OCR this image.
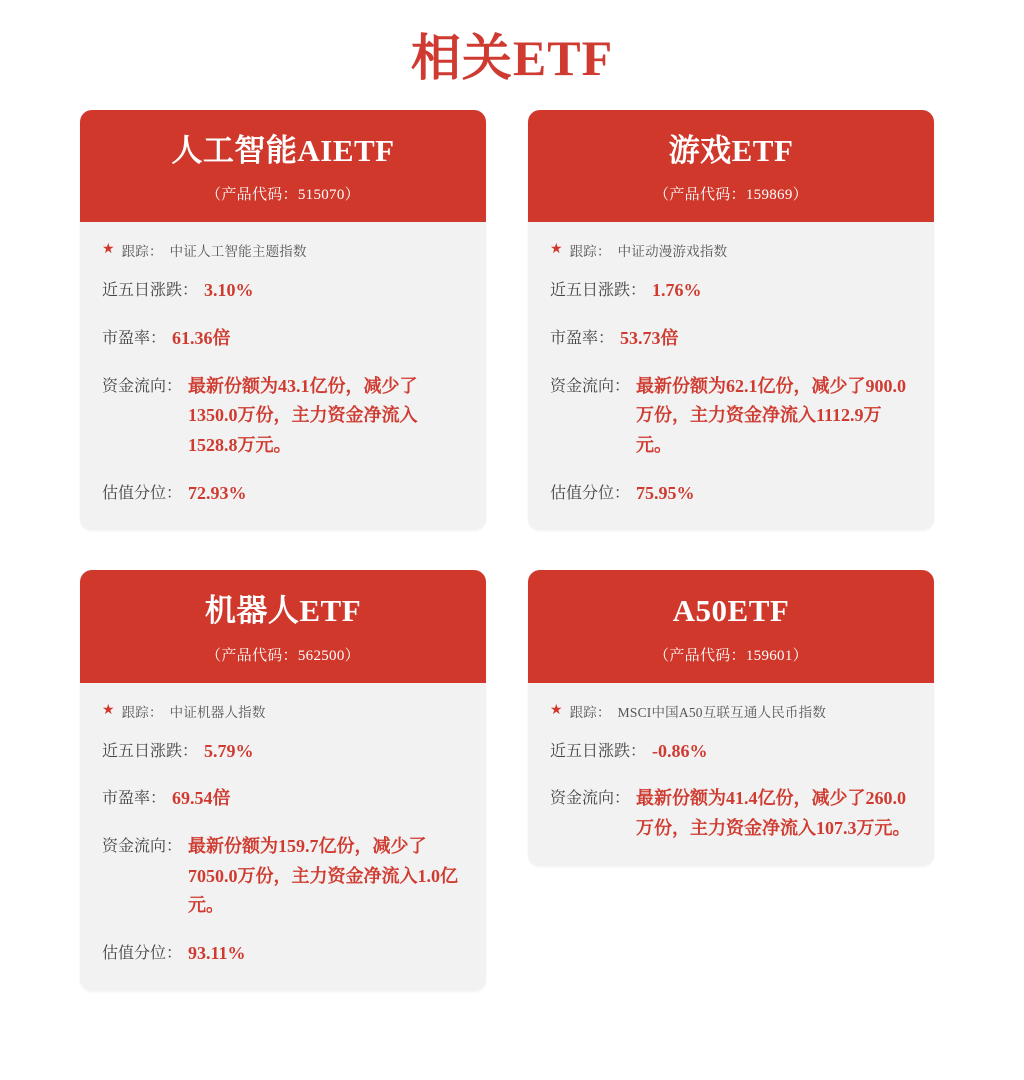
相关ETF
人工智能AIETF
（产品代码：515070）
★ 跟踪： 中证人工智能主题指数
近五日涨跌： 3.10%
市盈率： 61.36倍
资金流向： 最新份额为43.1亿份，减少了1350.0万份，主力资金净流入1528.8万元。
估值分位： 72.93%
游戏ETF
（产品代码：159869）
★ 跟踪： 中证动漫游戏指数
近五日涨跌： 1.76%
市盈率： 53.73倍
资金流向： 最新份额为62.1亿份，减少了900.0万份，主力资金净流入1112.9万元。
估值分位： 75.95%
机器人ETF
（产品代码：562500）
★ 跟踪： 中证机器人指数
近五日涨跌： 5.79%
市盈率： 69.54倍
资金流向： 最新份额为159.7亿份，减少了7050.0万份，主力资金净流入1.0亿元。
估值分位： 93.11%
A50ETF
（产品代码：159601）
★ 跟踪： MSCI中国A50互联互通人民币指数
近五日涨跌： -0.86%
资金流向： 最新份额为41.4亿份，减少了260.0万份，主力资金净流入107.3万元。
